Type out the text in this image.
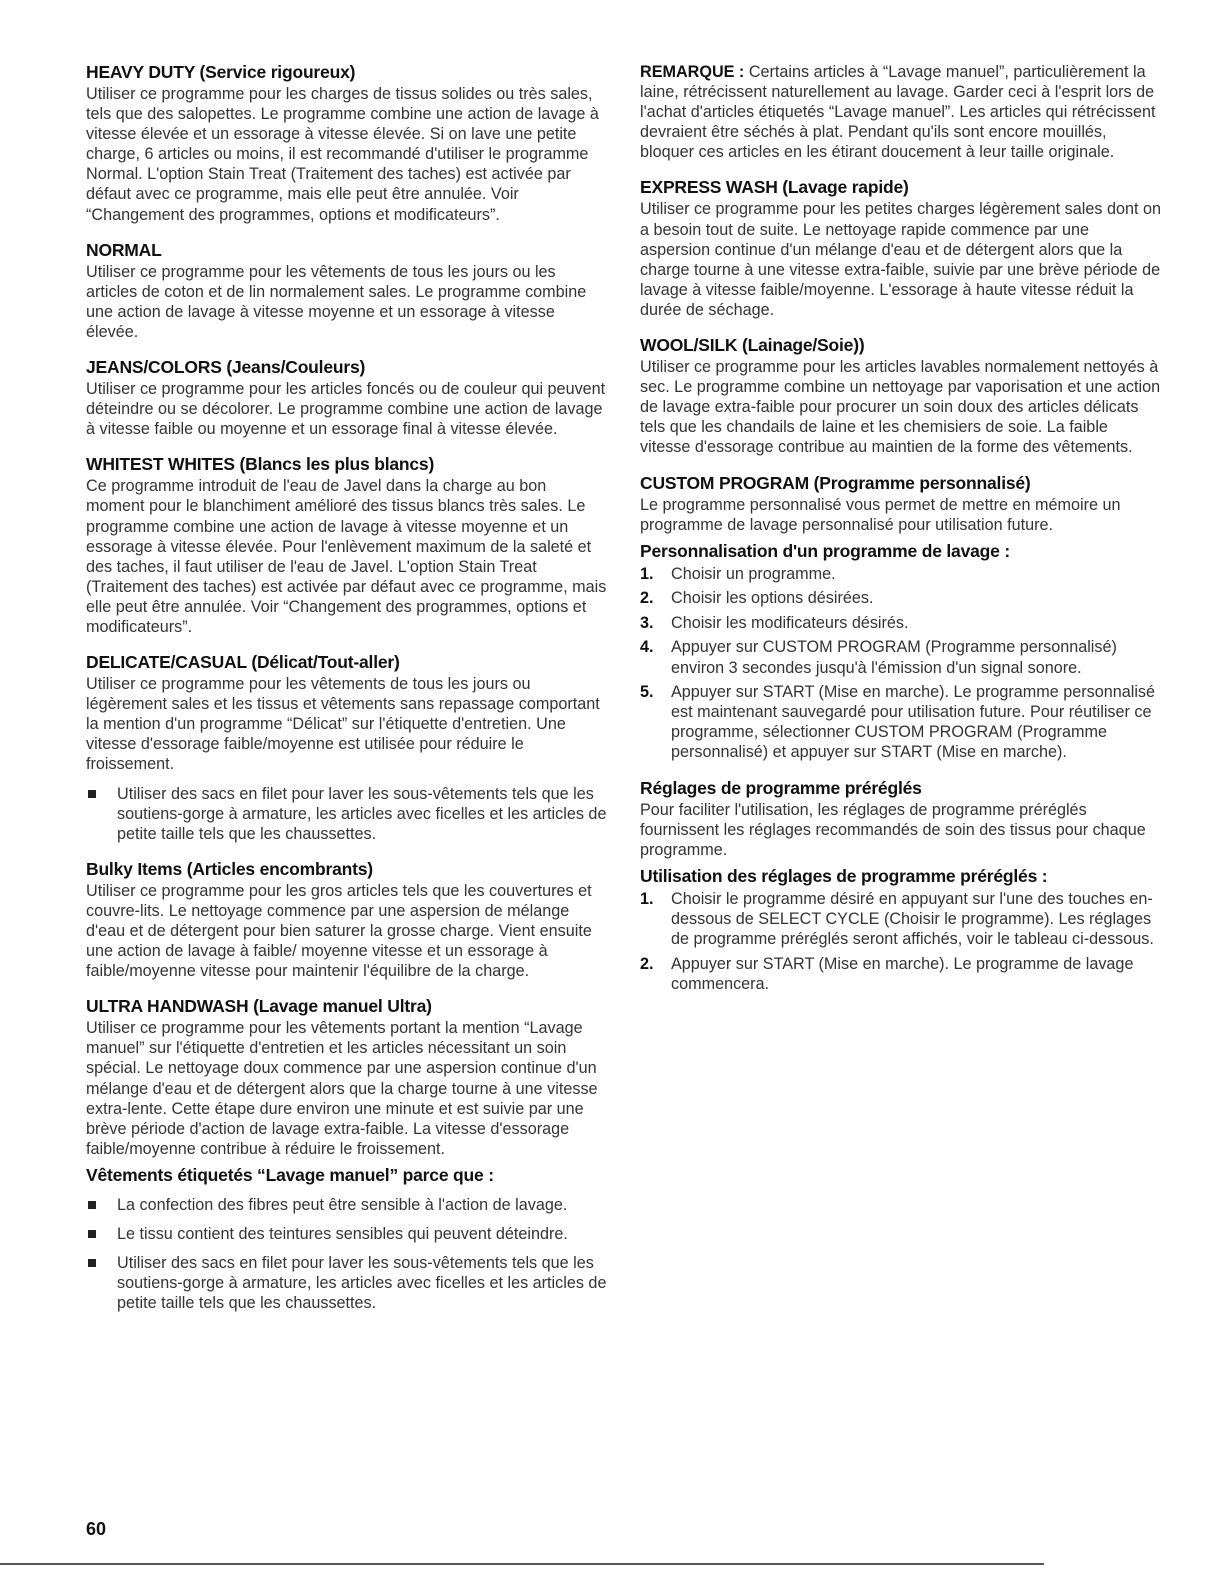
HEAVY DUTY (Service rigoureux)

Utiliser ce programme pour les charges de tissus solides ou très sales, tels que des salopettes. Le programme combine une action de lavage à vitesse élevée et un essorage à vitesse élevée. Si on lave une petite charge, 6 articles ou moins, il est recommandé d'utiliser le programme Normal. L'option Stain Treat (Traitement des taches) est activée par défaut avec ce programme, mais elle peut être annulée. Voir “Changement des programmes, options et modificateurs”.

NORMAL

Utiliser ce programme pour les vêtements de tous les jours ou les articles de coton et de lin normalement sales. Le programme combine une action de lavage à vitesse moyenne et un essorage à vitesse élevée.

JEANS/COLORS (Jeans/Couleurs)

Utiliser ce programme pour les articles foncés ou de couleur qui peuvent déteindre ou se décolorer. Le programme combine une action de lavage à vitesse faible ou moyenne et un essorage final à vitesse élevée.

WHITEST WHITES (Blancs les plus blancs)

Ce programme introduit de l'eau de Javel dans la charge au bon moment pour le blanchiment amélioré des tissus blancs très sales. Le programme combine une action de lavage à vitesse moyenne et un essorage à vitesse élevée. Pour l'enlèvement maximum de la saleté et des taches, il faut utiliser de l'eau de Javel. L'option Stain Treat (Traitement des taches) est activée par défaut avec ce programme, mais elle peut être annulée. Voir “Changement des programmes, options et modificateurs”.

DELICATE/CASUAL (Délicat/Tout-aller)

Utiliser ce programme pour les vêtements de tous les jours ou légèrement sales et les tissus et vêtements sans repassage comportant la mention d'un programme “Délicat” sur l'étiquette d'entretien. Une vitesse d'essorage faible/moyenne est utilisée pour réduire le froissement.

Utiliser des sacs en filet pour laver les sous-vêtements tels que les soutiens-gorge à armature, les articles avec ficelles et les articles de petite taille tels que les chaussettes.
Bulky Items (Articles encombrants)

Utiliser ce programme pour les gros articles tels que les couvertures et couvre-lits. Le nettoyage commence par une aspersion de mélange d'eau et de détergent pour bien saturer la grosse charge. Vient ensuite une action de lavage à faible/ moyenne vitesse et un essorage à faible/moyenne vitesse pour maintenir l'équilibre de la charge.

ULTRA HANDWASH (Lavage manuel Ultra)

Utiliser ce programme pour les vêtements portant la mention “Lavage manuel” sur l'étiquette d'entretien et les articles nécessitant un soin spécial. Le nettoyage doux commence par une aspersion continue d'un mélange d'eau et de détergent alors que la charge tourne à une vitesse extra-lente. Cette étape dure environ une minute et est suivie par une brève période d'action de lavage extra-faible. La vitesse d'essorage faible/moyenne contribue à réduire le froissement.

Vêtements étiquetés “Lavage manuel” parce que :
La confection des fibres peut être sensible à l'action de lavage.
Le tissu contient des teintures sensibles qui peuvent déteindre.
Utiliser des sacs en filet pour laver les sous-vêtements tels que les soutiens-gorge à armature, les articles avec ficelles et les articles de petite taille tels que les chaussettes.

REMARQUE : Certains articles à “Lavage manuel”, particulièrement la laine, rétrécissent naturellement au lavage. Garder ceci à l'esprit lors de l'achat d'articles étiquetés “Lavage manuel”. Les articles qui rétrécissent devraient être séchés à plat. Pendant qu'ils sont encore mouillés, bloquer ces articles en les étirant doucement à leur taille originale.

EXPRESS WASH (Lavage rapide)

Utiliser ce programme pour les petites charges légèrement sales dont on a besoin tout de suite. Le nettoyage rapide commence par une aspersion continue d'un mélange d'eau et de détergent alors que la charge tourne à une vitesse extra-faible, suivie par une brève période de lavage à vitesse faible/moyenne. L'essorage à haute vitesse réduit la durée de séchage.

WOOL/SILK (Lainage/Soie))

Utiliser ce programme pour les articles lavables normalement nettoyés à sec. Le programme combine un nettoyage par vaporisation et une action de lavage extra-faible pour procurer un soin doux des articles délicats tels que les chandails de laine et les chemisiers de soie. La faible vitesse d'essorage contribue au maintien de la forme des vêtements.

CUSTOM PROGRAM (Programme personnalisé)

Le programme personnalisé vous permet de mettre en mémoire un programme de lavage personnalisé pour utilisation future.

Personnalisation d'un programme de lavage :
1. Choisir un programme.
2. Choisir les options désirées.
3. Choisir les modificateurs désirés.
4. Appuyer sur CUSTOM PROGRAM (Programme personnalisé) environ 3 secondes jusqu'à l'émission d'un signal sonore.
5. Appuyer sur START (Mise en marche). Le programme personnalisé est maintenant sauvegardé pour utilisation future. Pour réutiliser ce programme, sélectionner CUSTOM PROGRAM (Programme personnalisé) et appuyer sur START (Mise en marche).
Réglages de programme préréglés

Pour faciliter l'utilisation, les réglages de programme préréglés fournissent les réglages recommandés de soin des tissus pour chaque programme.

Utilisation des réglages de programme préréglés :
1. Choisir le programme désiré en appuyant sur l'une des touches en-dessous de SELECT CYCLE (Choisir le programme). Les réglages de programme préréglés seront affichés, voir le tableau ci-dessous.
2. Appuyer sur START (Mise en marche). Le programme de lavage commencera.
60
